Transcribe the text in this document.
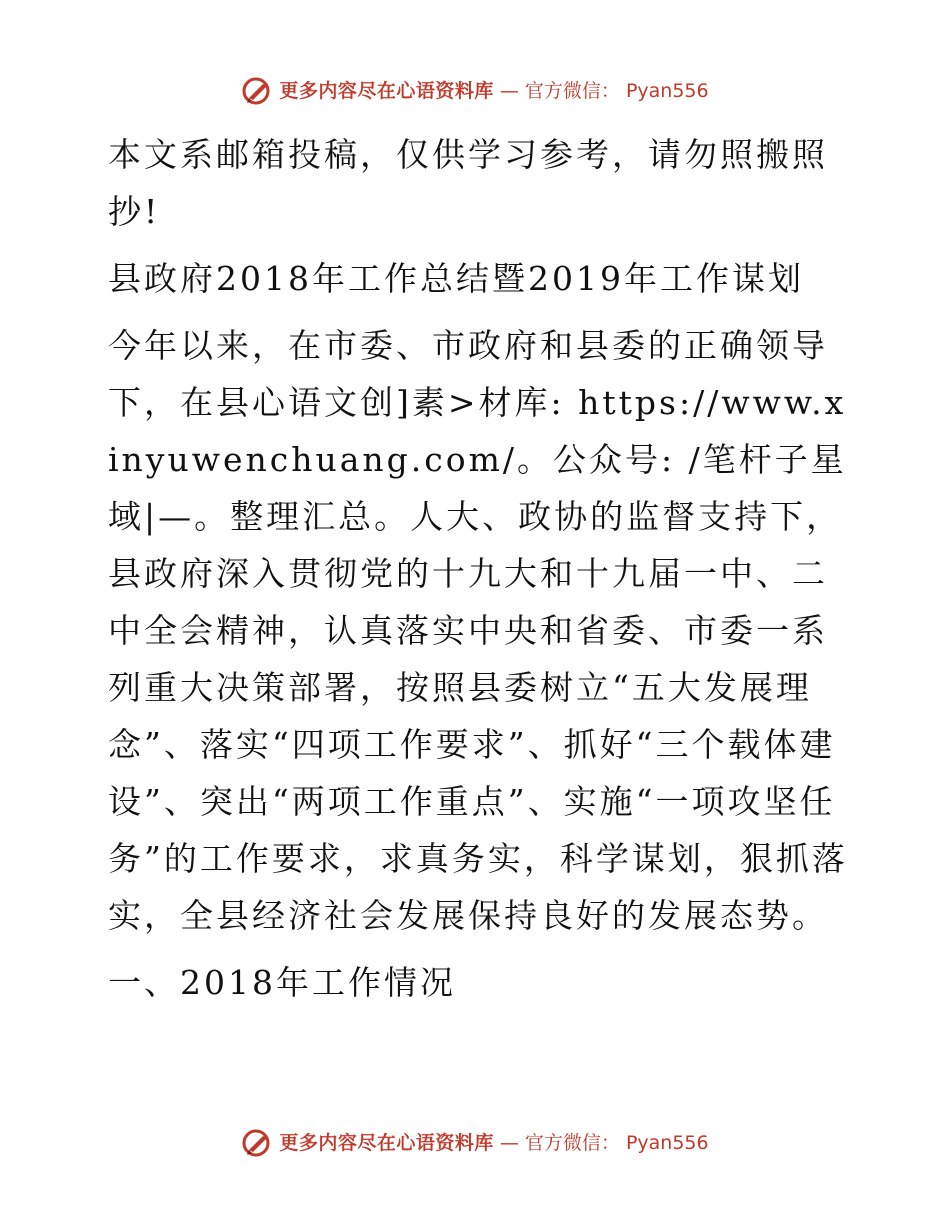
更多内容尽在心语资料库 — 官方微信： Pyan556

本文系邮箱投稿，仅供学习参考，请勿照搬照抄!

县政府2018年工作总结暨2019年工作谋划

今年以来，在市委、市政府和县委的正确领导下，在县心语文创]素>材库: https://www.xinyuwenchuang.com/。公众号: /笔杆子星域|—。整理汇总。人大、政协的监督支持下，县政府深入贯彻党的十九大和十九届一中、二中全会精神，认真落实中央和省委、市委一系列重大决策部署，按照县委树立“五大发展理念”、落实“四项工作要求”、抓好“三个载体建设”、突出“两项工作重点”、实施“一项攻坚任务”的工作要求，求真务实，科学谋划，狠抓落实，全县经济社会发展保持良好的发展态势。

一、2018年工作情况

更多内容尽在心语资料库 — 官方微信： Pyan556
